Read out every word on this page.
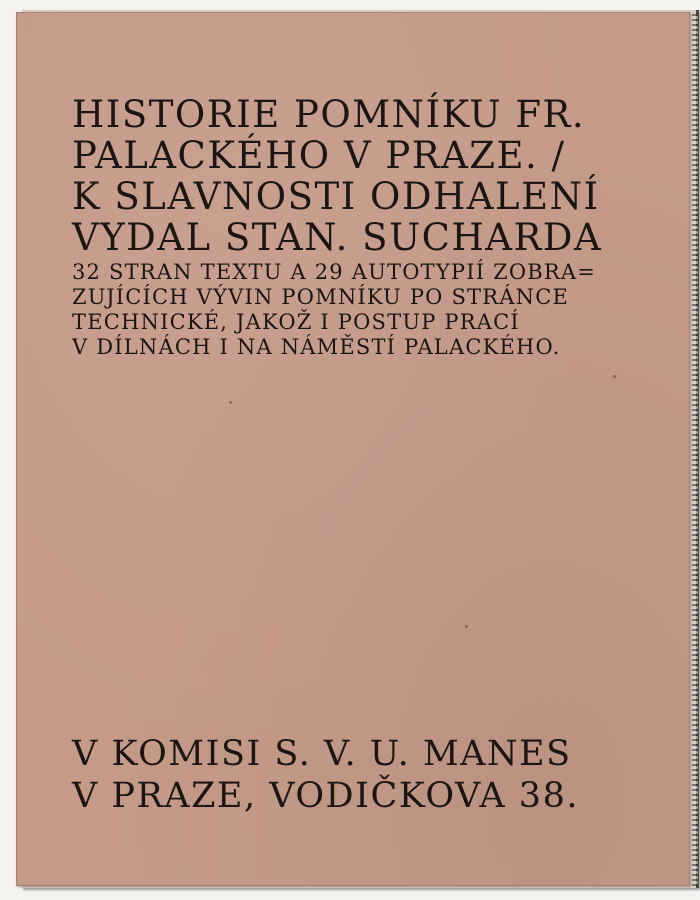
HISTORIE POMNÍKU FR.
PALACKÉHO V PRAZE. /
K SLAVNOSTI ODHALENÍ
VYDAL STAN. SUCHARDA
32 STRAN TEXTU A 29 AUTOTYPIÍ ZOBRA=
ZUJÍCÍCH VÝVIN POMNÍKU PO STRÁNCE
TECHNICKÉ, JAKOŽ I POSTUP PRACÍ
V DÍLNÁCH I NA NÁMĚSTÍ PALACKÉHO.
V KOMISI S. V. U. MANES
V PRAZE, VODIČKOVA 38.
